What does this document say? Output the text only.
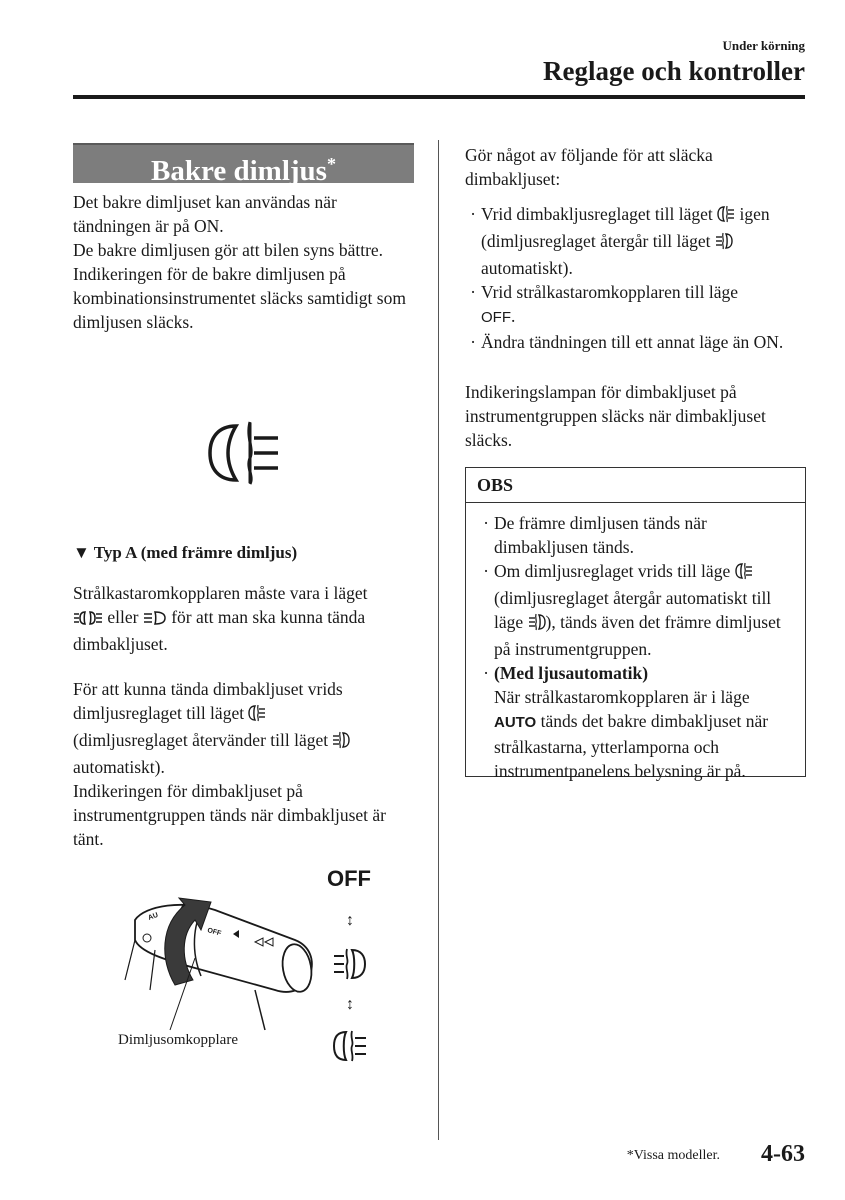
Under körning
Reglage och kontroller
Bakre dimljus*

Det bakre dimljuset kan användas när tändningen är på ON.

De bakre dimljusen gör att bilen syns bättre.

Indikeringen för de bakre dimljusen på kombinationsinstrumentet släcks samtidigt som dimljusen släcks.

▼ Typ A (med främre dimljus)

Strålkastaromkopplaren måste vara i läget
eller för att man ska kunna tända dimbakljuset.

För att kunna tända dimbakljuset vrids dimljusreglaget till läget
(dimljusreglaget återvänder till läget
automatiskt).

Indikeringen för dimbakljuset på instrumentgruppen tänds när dimbakljuset är tänt.

OFF
OFF
AU	↕
↕
Dimljusomkopplare
Gör något av följande för att släcka dimbakljuset:
· Vrid dimbakljusreglaget till läget igen (dimljusreglaget återgår till läget  automatiskt).
· Vrid strålkastaromkopplaren till läge
OFF.
· Ändra tändningen till ett annat läge än ON.
Indikeringslampan för dimbakljuset på instrumentgruppen släcks när dimbakljuset släcks.
OBS
· De främre dimljusen tänds när dimbakljusen tänds.
· Om dimljusreglaget vrids till läge  (dimljusreglaget återgår automatiskt till läge ), tänds även det främre dimljuset på instrumentgruppen.
· (Med ljusautomatik)
När strålkastaromkopplaren är i läge
AUTO tänds det bakre dimbakljuset när strålkastarna, ytterlamporna och instrumentpanelens belysning är på.
*Vissa modeller. 4-63
